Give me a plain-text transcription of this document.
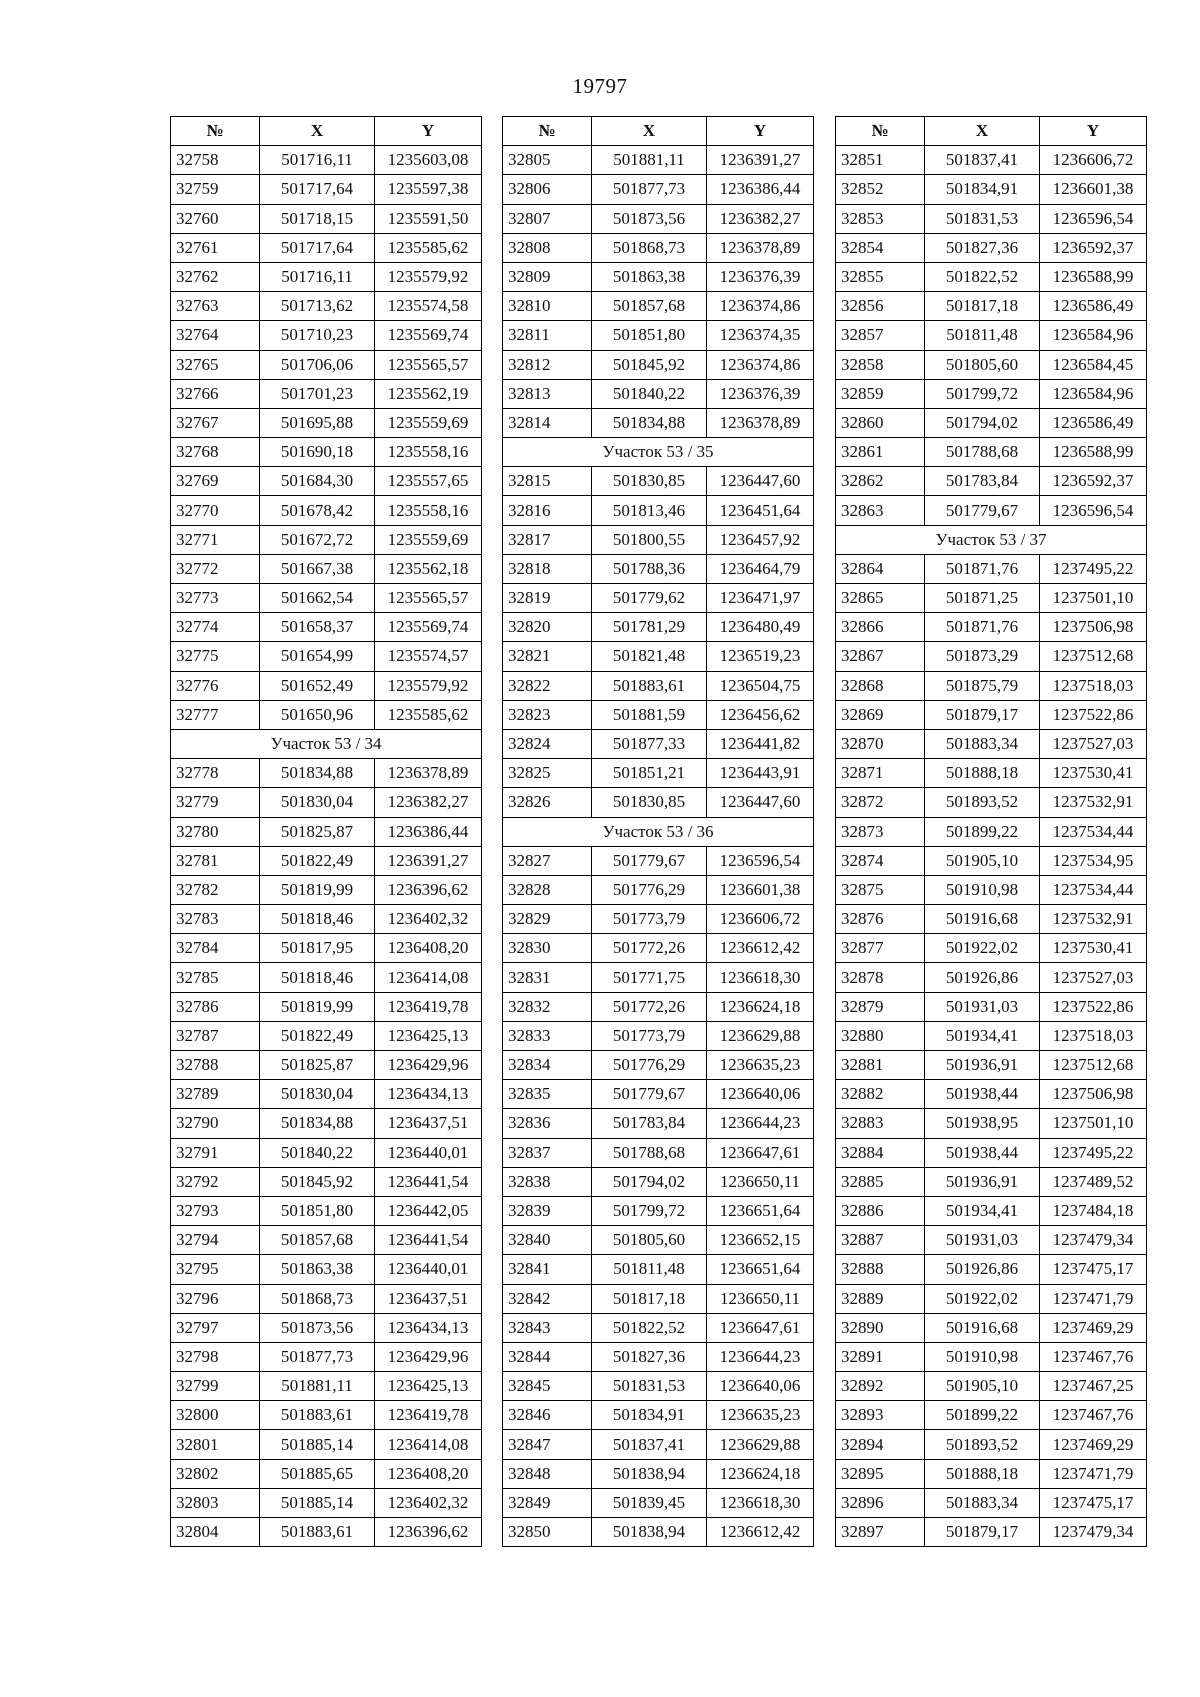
19797
№	X	Y
32758	501716,11	1235603,08
32759	501717,64	1235597,38
32760	501718,15	1235591,50
32761	501717,64	1235585,62
32762	501716,11	1235579,92
32763	501713,62	1235574,58
32764	501710,23	1235569,74
32765	501706,06	1235565,57
32766	501701,23	1235562,19
32767	501695,88	1235559,69
32768	501690,18	1235558,16
32769	501684,30	1235557,65
32770	501678,42	1235558,16
32771	501672,72	1235559,69
32772	501667,38	1235562,18
32773	501662,54	1235565,57
32774	501658,37	1235569,74
32775	501654,99	1235574,57
32776	501652,49	1235579,92
32777	501650,96	1235585,62
Участок 53 / 34		
32778	501834,88	1236378,89
32779	501830,04	1236382,27
32780	501825,87	1236386,44
32781	501822,49	1236391,27
32782	501819,99	1236396,62
32783	501818,46	1236402,32
32784	501817,95	1236408,20
32785	501818,46	1236414,08
32786	501819,99	1236419,78
32787	501822,49	1236425,13
32788	501825,87	1236429,96
32789	501830,04	1236434,13
32790	501834,88	1236437,51
32791	501840,22	1236440,01
32792	501845,92	1236441,54
32793	501851,80	1236442,05
32794	501857,68	1236441,54
32795	501863,38	1236440,01
32796	501868,73	1236437,51
32797	501873,56	1236434,13
32798	501877,73	1236429,96
32799	501881,11	1236425,13
32800	501883,61	1236419,78
32801	501885,14	1236414,08
32802	501885,65	1236408,20
32803	501885,14	1236402,32
32804	501883,61	1236396,62
№	X	Y
32805	501881,11	1236391,27
32806	501877,73	1236386,44
32807	501873,56	1236382,27
32808	501868,73	1236378,89
32809	501863,38	1236376,39
32810	501857,68	1236374,86
32811	501851,80	1236374,35
32812	501845,92	1236374,86
32813	501840,22	1236376,39
32814	501834,88	1236378,89
Участок 53 / 35		
32815	501830,85	1236447,60
32816	501813,46	1236451,64
32817	501800,55	1236457,92
32818	501788,36	1236464,79
32819	501779,62	1236471,97
32820	501781,29	1236480,49
32821	501821,48	1236519,23
32822	501883,61	1236504,75
32823	501881,59	1236456,62
32824	501877,33	1236441,82
32825	501851,21	1236443,91
32826	501830,85	1236447,60
Участок 53 / 36		
32827	501779,67	1236596,54
32828	501776,29	1236601,38
32829	501773,79	1236606,72
32830	501772,26	1236612,42
32831	501771,75	1236618,30
32832	501772,26	1236624,18
32833	501773,79	1236629,88
32834	501776,29	1236635,23
32835	501779,67	1236640,06
32836	501783,84	1236644,23
32837	501788,68	1236647,61
32838	501794,02	1236650,11
32839	501799,72	1236651,64
32840	501805,60	1236652,15
32841	501811,48	1236651,64
32842	501817,18	1236650,11
32843	501822,52	1236647,61
32844	501827,36	1236644,23
32845	501831,53	1236640,06
32846	501834,91	1236635,23
32847	501837,41	1236629,88
32848	501838,94	1236624,18
32849	501839,45	1236618,30
32850	501838,94	1236612,42
№	X	Y
32851	501837,41	1236606,72
32852	501834,91	1236601,38
32853	501831,53	1236596,54
32854	501827,36	1236592,37
32855	501822,52	1236588,99
32856	501817,18	1236586,49
32857	501811,48	1236584,96
32858	501805,60	1236584,45
32859	501799,72	1236584,96
32860	501794,02	1236586,49
32861	501788,68	1236588,99
32862	501783,84	1236592,37
32863	501779,67	1236596,54
Участок 53 / 37		
32864	501871,76	1237495,22
32865	501871,25	1237501,10
32866	501871,76	1237506,98
32867	501873,29	1237512,68
32868	501875,79	1237518,03
32869	501879,17	1237522,86
32870	501883,34	1237527,03
32871	501888,18	1237530,41
32872	501893,52	1237532,91
32873	501899,22	1237534,44
32874	501905,10	1237534,95
32875	501910,98	1237534,44
32876	501916,68	1237532,91
32877	501922,02	1237530,41
32878	501926,86	1237527,03
32879	501931,03	1237522,86
32880	501934,41	1237518,03
32881	501936,91	1237512,68
32882	501938,44	1237506,98
32883	501938,95	1237501,10
32884	501938,44	1237495,22
32885	501936,91	1237489,52
32886	501934,41	1237484,18
32887	501931,03	1237479,34
32888	501926,86	1237475,17
32889	501922,02	1237471,79
32890	501916,68	1237469,29
32891	501910,98	1237467,76
32892	501905,10	1237467,25
32893	501899,22	1237467,76
32894	501893,52	1237469,29
32895	501888,18	1237471,79
32896	501883,34	1237475,17
32897	501879,17	1237479,34
